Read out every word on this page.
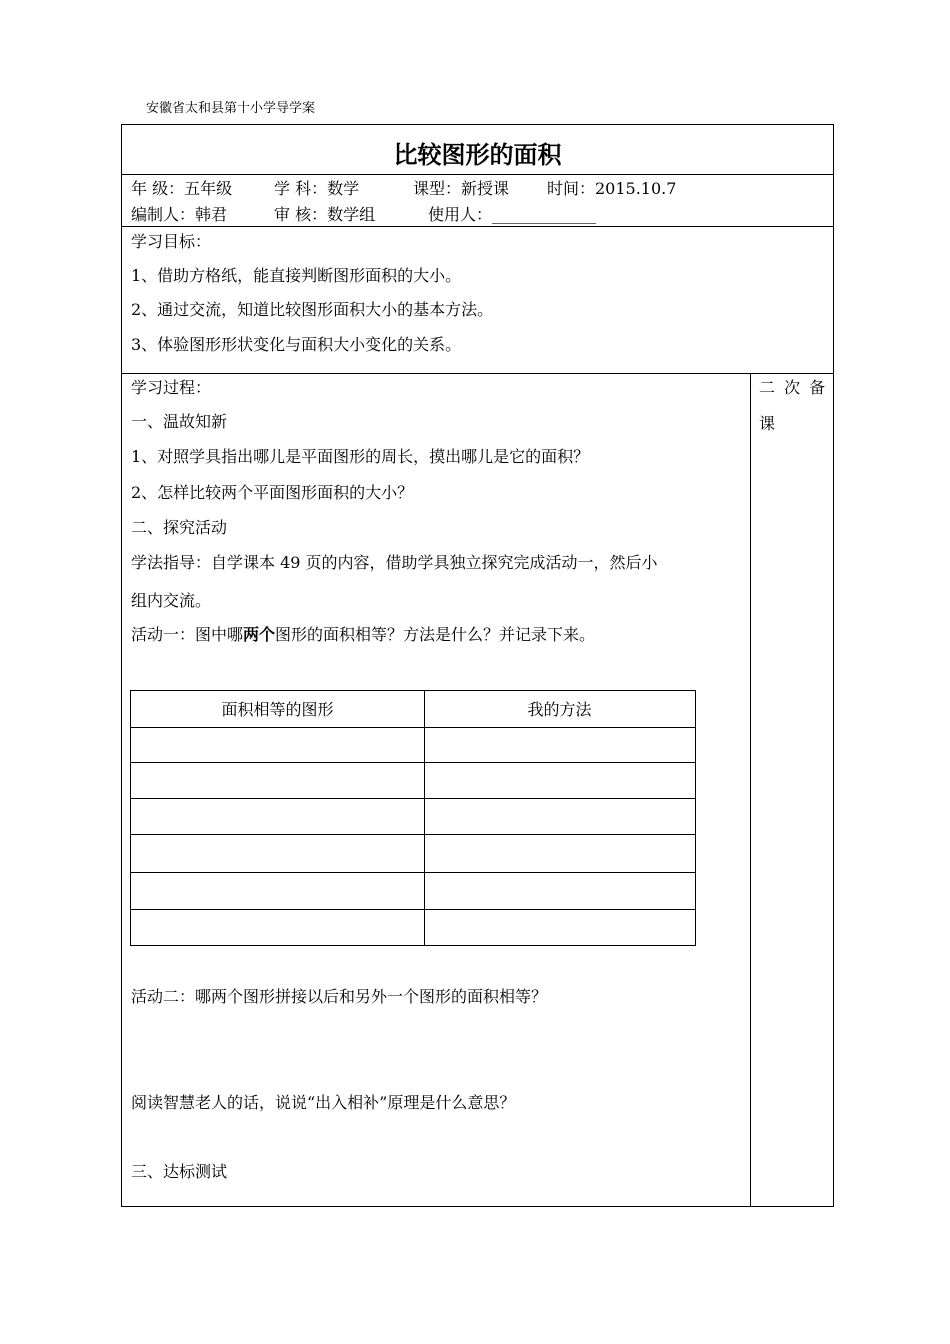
安徽省太和县第十小学导学案
比较图形的面积
年 级：五年级	学 科：数学	课型：新授课 时间：2015.10.7
编制人：韩君	审 核：数学组	使用人：_____________
学习目标：
1、借助方格纸，能直接判断图形面积的大小。
2、通过交流，知道比较图形面积大小的基本方法。
3、体验图形形状变化与面积大小变化的关系。
二 次 备
课
学习过程：
一、温故知新
1、对照学具指出哪儿是平面图形的周长，摸出哪儿是它的面积？
2、怎样比较两个平面图形面积的大小？
二、探究活动
学法指导：自学课本 49 页的内容，借助学具独立探究完成活动一，然后小
组内交流。
活动一：图中哪两个图形的面积相等？方法是什么？并记录下来。
面积相等的图形	我的方法
活动二：哪两个图形拼接以后和另外一个图形的面积相等？
阅读智慧老人的话，说说“出入相补”原理是什么意思？
三、达标测试
